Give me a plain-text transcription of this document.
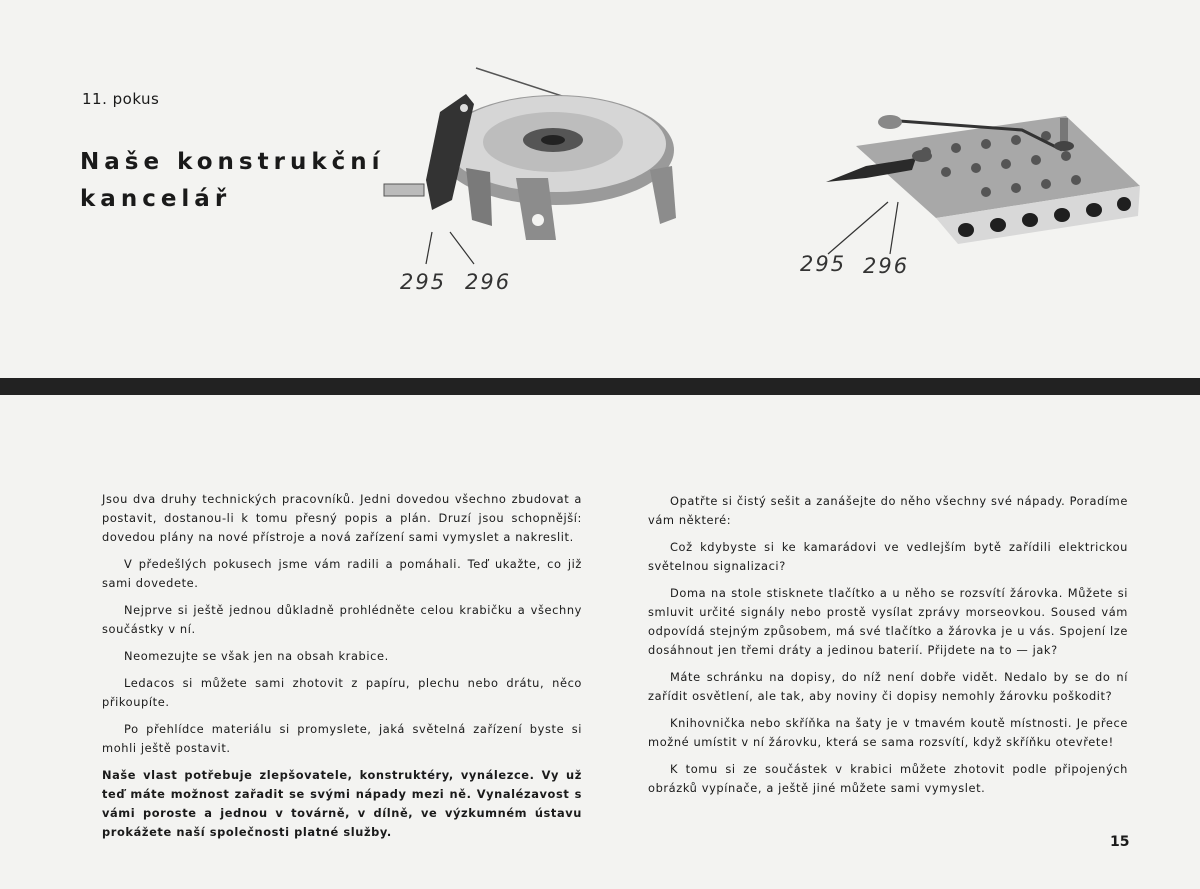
11. pokus
Naše konstrukční
kancelář
295 296
295 296

Jsou dva druhy technických pracovníků. Jedni dovedou všechno zbudovat a postavit, dostanou-li k tomu přesný popis a plán. Druzí jsou schopnější: dovedou plány na nové přístroje a nová zařízení sami vymyslet a nakreslit.

V předešlých pokusech jsme vám radili a pomáhali. Teď ukažte, co již sami dovedete.

Nejprve si ještě jednou důkladně prohlédněte celou krabičku a všechny součástky v ní.

Neomezujte se však jen na obsah krabice.

Ledacos si můžete sami zhotovit z papíru, plechu nebo drátu, něco přikoupíte.

Po přehlídce materiálu si promyslete, jaká světelná zařízení byste si mohli ještě postavit.

Naše vlast potřebuje zlepšovatele, konstruktéry, vynálezce. Vy už teď máte možnost zařadit se svými nápady mezi ně. Vynalézavost s vámi poroste a jednou v továrně, v dílně, ve výzkumném ústavu prokážete naší společnosti platné služby.

Opatřte si čistý sešit a zanášejte do něho všechny své nápady. Poradíme vám některé:

Což kdybyste si ke kamarádovi ve vedlejším bytě zařídili elektrickou světelnou signalizaci?

Doma na stole stisknete tlačítko a u něho se rozsvítí žárovka. Můžete si smluvit určité signály nebo prostě vysílat zprávy morseovkou. Soused vám odpovídá stejným způsobem, má své tlačítko a žárovka je u vás. Spojení lze dosáhnout jen třemi dráty a jedinou baterií. Přijdete na to — jak?

Máte schránku na dopisy, do níž není dobře vidět. Nedalo by se do ní zařídit osvětlení, ale tak, aby noviny či dopisy nemohly žárovku poškodit?

Knihovnička nebo skříňka na šaty je v tmavém koutě místnosti. Je přece možné umístit v ní žárovku, která se sama rozsvítí, když skříňku otevřete!

K tomu si ze součástek v krabici můžete zhotovit podle připojených obrázků vypínače, a ještě jiné můžete sami vymyslet.

15
